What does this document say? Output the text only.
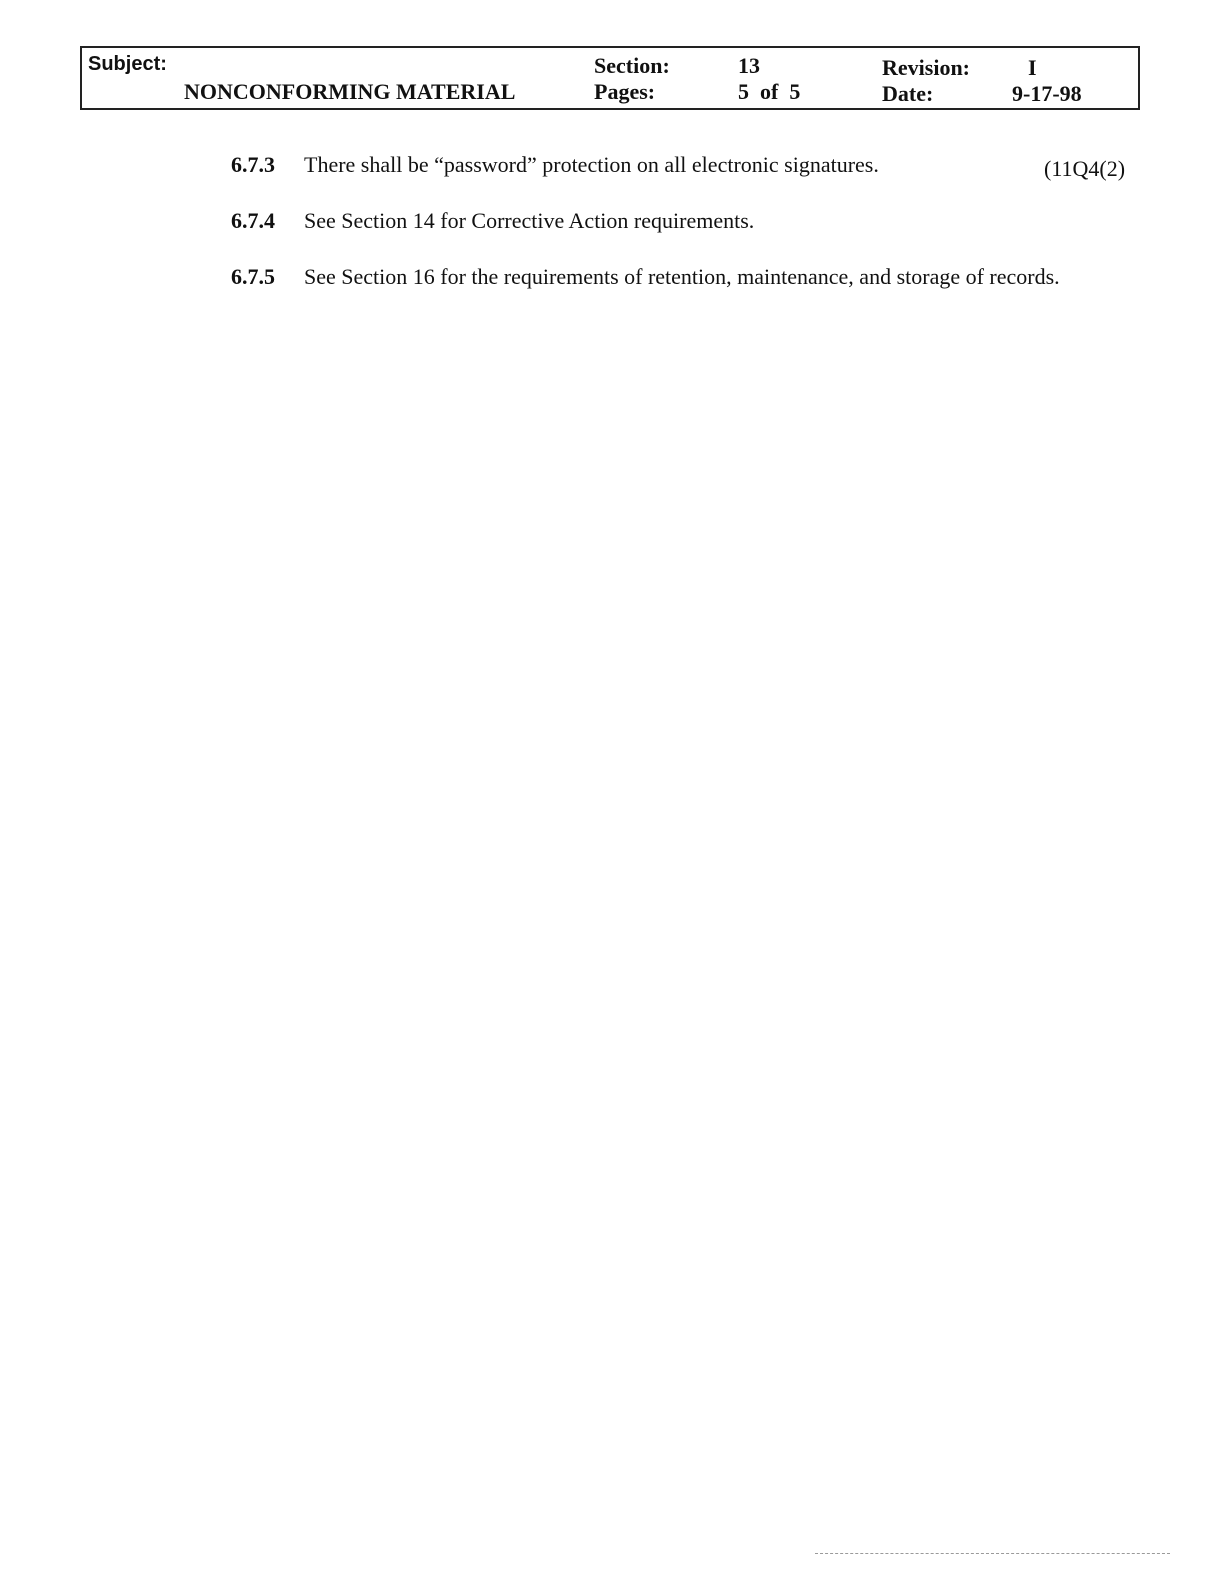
Subject:
NONCONFORMING MATERIAL
Section:	13
Pages:	5  of  5
Revision:	I
Date:	9-17-98
6.7.3 There shall be “password” protection on all electronic signatures.	(11Q4(2)
6.7.4 See Section 14 for Corrective Action requirements.
6.7.5 See Section 16 for the requirements of retention, maintenance, and storage of records.
